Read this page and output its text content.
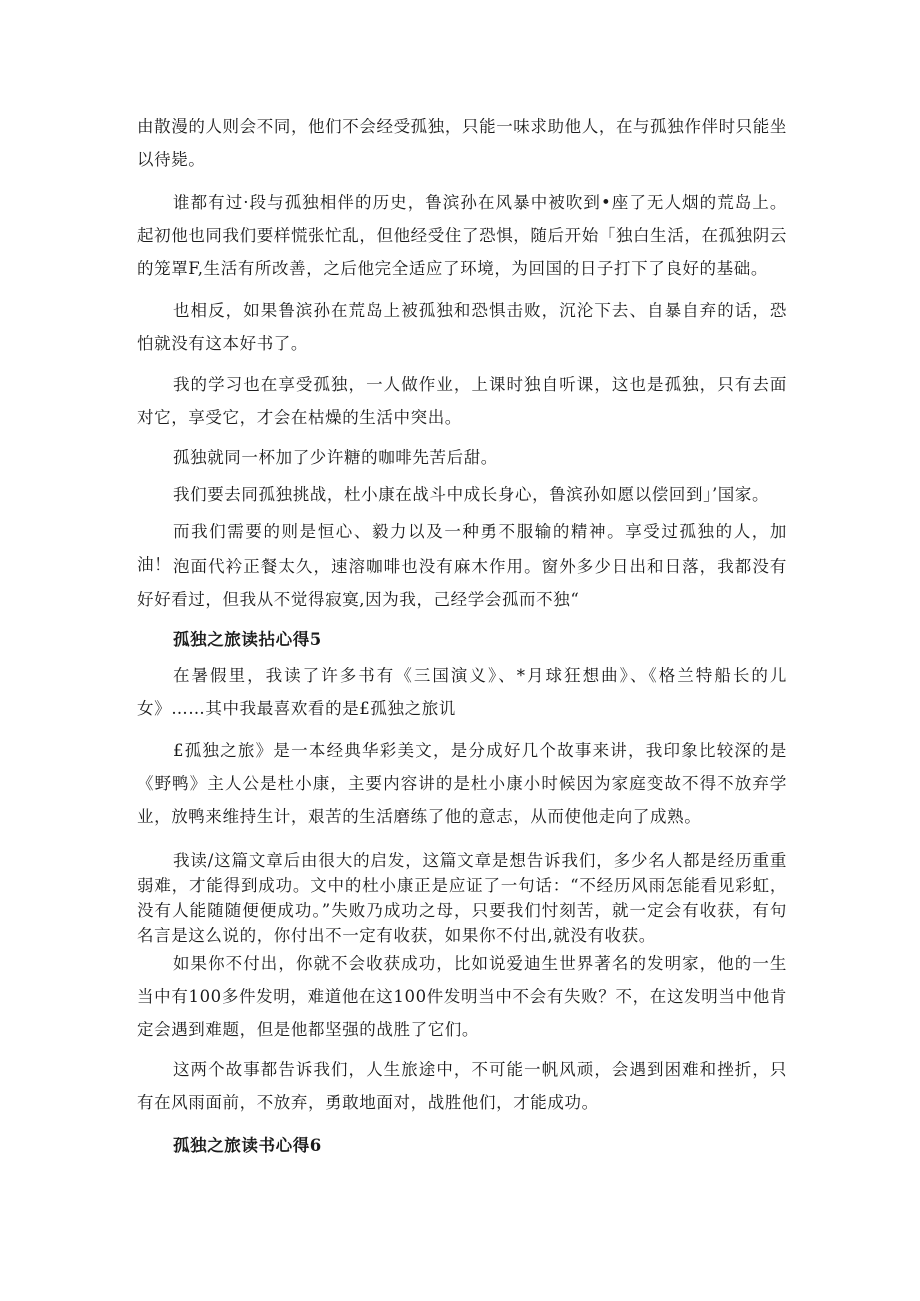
由散漫的人则会不同，他们不会经受孤独，只能一味求助他人，在与孤独作伴时只能坐以待毙。

谁都有过·段与孤独相伴的历史，鲁滨孙在风暴中被吹到•座了无人烟的荒岛上。起初他也同我们要样慌张忙乱，但他经受住了恐惧，随后开始「独白生活，在孤独阴云的笼罩F,生活有所改善，之后他完全适应了环境，为回国的日子打下了良好的基础。

也相反，如果鲁滨孙在荒岛上被孤独和恐惧击败，沉沦下去、自暴自弃的话，恐怕就没有这本好书了。

我的学习也在享受孤独，一人做作业，上课时独自听课，这也是孤独，只有去面对它，享受它，才会在枯燥的生活中突出。

孤独就同一杯加了少许糖的咖啡先苦后甜。

我们要去同孤独挑战，杜小康在战斗中成长身心，鲁滨孙如愿以偿回到」’国家。

而我们需要的则是恒心、毅力以及一种勇不服输的精神。享受过孤独的人，加油！ 泡面代衿正餐太久，速溶咖啡也没有麻木作用。窗外多少日出和日落，我都没有好好看过，但我从不觉得寂寞,因为我，己经学会孤而不独“

孤独之旅读拈心得5

在暑假里，我读了许多书有《三国演义》、*月球狂想曲》、《格兰特船长的儿女》……其中我最喜欢看的是£孤独之旅讥

£孤独之旅》是一本经典华彩美文，是分成好几个故事来讲，我印象比较深的是《野鸭》主人公是杜小康，主要内容讲的是杜小康小时候因为家庭变故不得不放弃学业，放鸭来维持生计，艰苦的生活磨练了他的意志，从而使他走向了成熟。

我读/这篇文章后由很大的启发，这篇文章是想告诉我们，多少名人都是经历重重弱难，才能得到成功。文中的杜小康正是应证了一句话：“不经历风雨怎能看见彩虹，没有人能随随便便成功。”失败乃成功之母，只要我们忖刻苦，就一定会有收获，有句名言是这么说的，你付出不一定有收获，如果你不付出,就没有收获。

如果你不付出，你就不会收获成功，比如说爱迪生世界著名的发明家，他的一生当中有100多件发明，难道他在这100件发明当中不会有失败？不，在这发明当中他肯定会遇到难题，但是他都坚强的战胜了它们。

这两个故事都告诉我们，人生旅途中，不可能一帆风顽，会遇到困难和挫折，只有在风雨面前，不放弃，勇敢地面对，战胜他们，才能成功。

孤独之旅读书心得6
